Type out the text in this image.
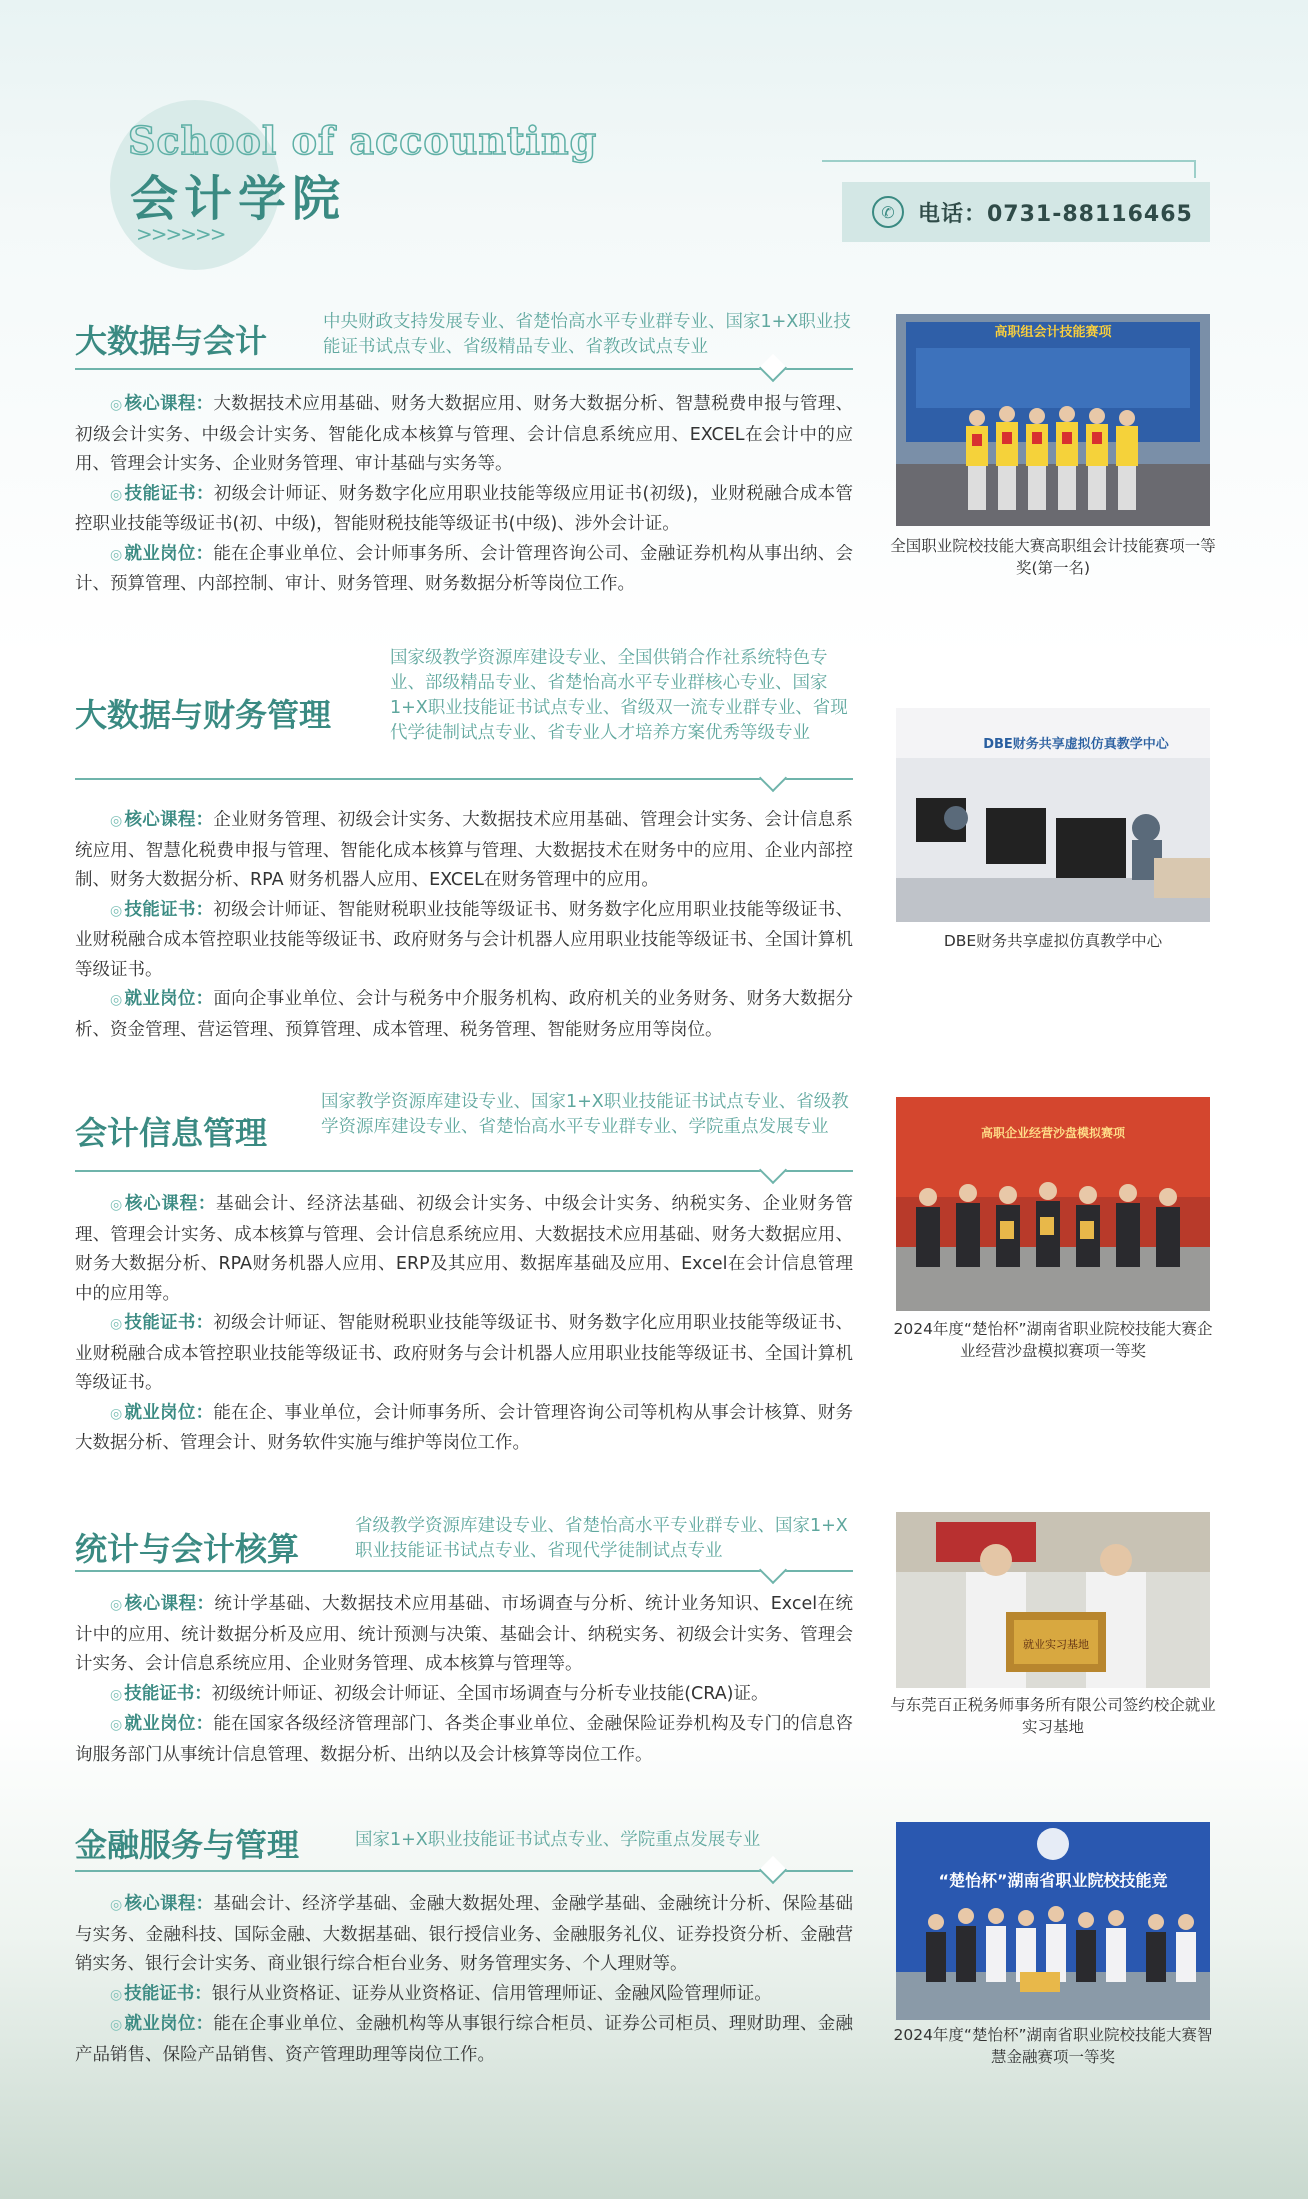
School of accounting
会计学院
>>>>>>
✆	电话：0731-88116465
大数据与会计	中央财政支持发展专业、省楚怡高水平专业群专业、国家1+X职业技能证书试点专业、省级精品专业、省教改试点专业

◎ 核心课程：大数据技术应用基础、财务大数据应用、财务大数据分析、智慧税费申报与管理、初级会计实务、中级会计实务、智能化成本核算与管理、会计信息系统应用、EXCEL在会计中的应用、管理会计实务、企业财务管理、审计基础与实务等。

◎ 技能证书：初级会计师证、财务数字化应用职业技能等级应用证书(初级)，业财税融合成本管控职业技能等级证书(初、中级)，智能财税技能等级证书(中级)、涉外会计证。

◎ 就业岗位：能在企事业单位、会计师事务所、会计管理咨询公司、金融证券机构从事出纳、会计、预算管理、内部控制、审计、财务管理、财务数据分析等岗位工作。

高职组会计技能赛项
全国职业院校技能大赛高职组会计技能赛项一等奖(第一名)
大数据与财务管理
国家级教学资源库建设专业、全国供销合作社系统特色专业、部级精品专业、省楚怡高水平专业群核心专业、国家1+X职业技能证书试点专业、省级双一流专业群专业、省现代学徒制试点专业、省专业人才培养方案优秀等级专业

◎ 核心课程：企业财务管理、初级会计实务、大数据技术应用基础、管理会计实务、会计信息系统应用、智慧化税费申报与管理、智能化成本核算与管理、大数据技术在财务中的应用、企业内部控制、财务大数据分析、RPA 财务机器人应用、EXCEL在财务管理中的应用。

◎ 技能证书：初级会计师证、智能财税职业技能等级证书、财务数字化应用职业技能等级证书、业财税融合成本管控职业技能等级证书、政府财务与会计机器人应用职业技能等级证书、全国计算机等级证书。

◎ 就业岗位：面向企事业单位、会计与税务中介服务机构、政府机关的业务财务、财务大数据分析、资金管理、营运管理、预算管理、成本管理、税务管理、智能财务应用等岗位。

DBE财务共享虚拟仿真教学中心
DBE财务共享虚拟仿真教学中心
会计信息管理
国家教学资源库建设专业、国家1+X职业技能证书试点专业、省级教学资源库建设专业、省楚怡高水平专业群专业、学院重点发展专业

◎ 核心课程：基础会计、经济法基础、初级会计实务、中级会计实务、纳税实务、企业财务管理、管理会计实务、成本核算与管理、会计信息系统应用、大数据技术应用基础、财务大数据应用、财务大数据分析、RPA财务机器人应用、ERP及其应用、数据库基础及应用、Excel在会计信息管理中的应用等。

◎ 技能证书：初级会计师证、智能财税职业技能等级证书、财务数字化应用职业技能等级证书、业财税融合成本管控职业技能等级证书、政府财务与会计机器人应用职业技能等级证书、全国计算机等级证书。

◎ 就业岗位：能在企、事业单位，会计师事务所、会计管理咨询公司等机构从事会计核算、财务大数据分析、管理会计、财务软件实施与维护等岗位工作。

高职企业经营沙盘模拟赛项
2024年度“楚怡杯”湖南省职业院校技能大赛企业经营沙盘模拟赛项一等奖
统计与会计核算
省级教学资源库建设专业、省楚怡高水平专业群专业、国家1+X 职业技能证书试点专业、省现代学徒制试点专业

◎ 核心课程：统计学基础、大数据技术应用基础、市场调查与分析、统计业务知识、Excel在统计中的应用、统计数据分析及应用、统计预测与决策、基础会计、纳税实务、初级会计实务、管理会计实务、会计信息系统应用、企业财务管理、成本核算与管理等。

◎ 技能证书：初级统计师证、初级会计师证、全国市场调查与分析专业技能(CRA)证。

◎ 就业岗位：能在国家各级经济管理部门、各类企事业单位、金融保险证券机构及专门的信息咨询服务部门从事统计信息管理、数据分析、出纳以及会计核算等岗位工作。

就业实习基地
与东莞百正税务师事务所有限公司签约校企就业实习基地
金融服务与管理	国家1+X职业技能证书试点专业、学院重点发展专业

◎ 核心课程：基础会计、经济学基础、金融大数据处理、金融学基础、金融统计分析、保险基础与实务、金融科技、国际金融、大数据基础、银行授信业务、金融服务礼仪、证券投资分析、金融营销实务、银行会计实务、商业银行综合柜台业务、财务管理实务、个人理财等。

◎ 技能证书：银行从业资格证、证券从业资格证、信用管理师证、金融风险管理师证。

◎ 就业岗位：能在企事业单位、金融机构等从事银行综合柜员、证券公司柜员、理财助理、金融产品销售、保险产品销售、资产管理助理等岗位工作。

“楚怡杯”湖南省职业院校技能竞
2024年度“楚怡杯”湖南省职业院校技能大赛智慧金融赛项一等奖
